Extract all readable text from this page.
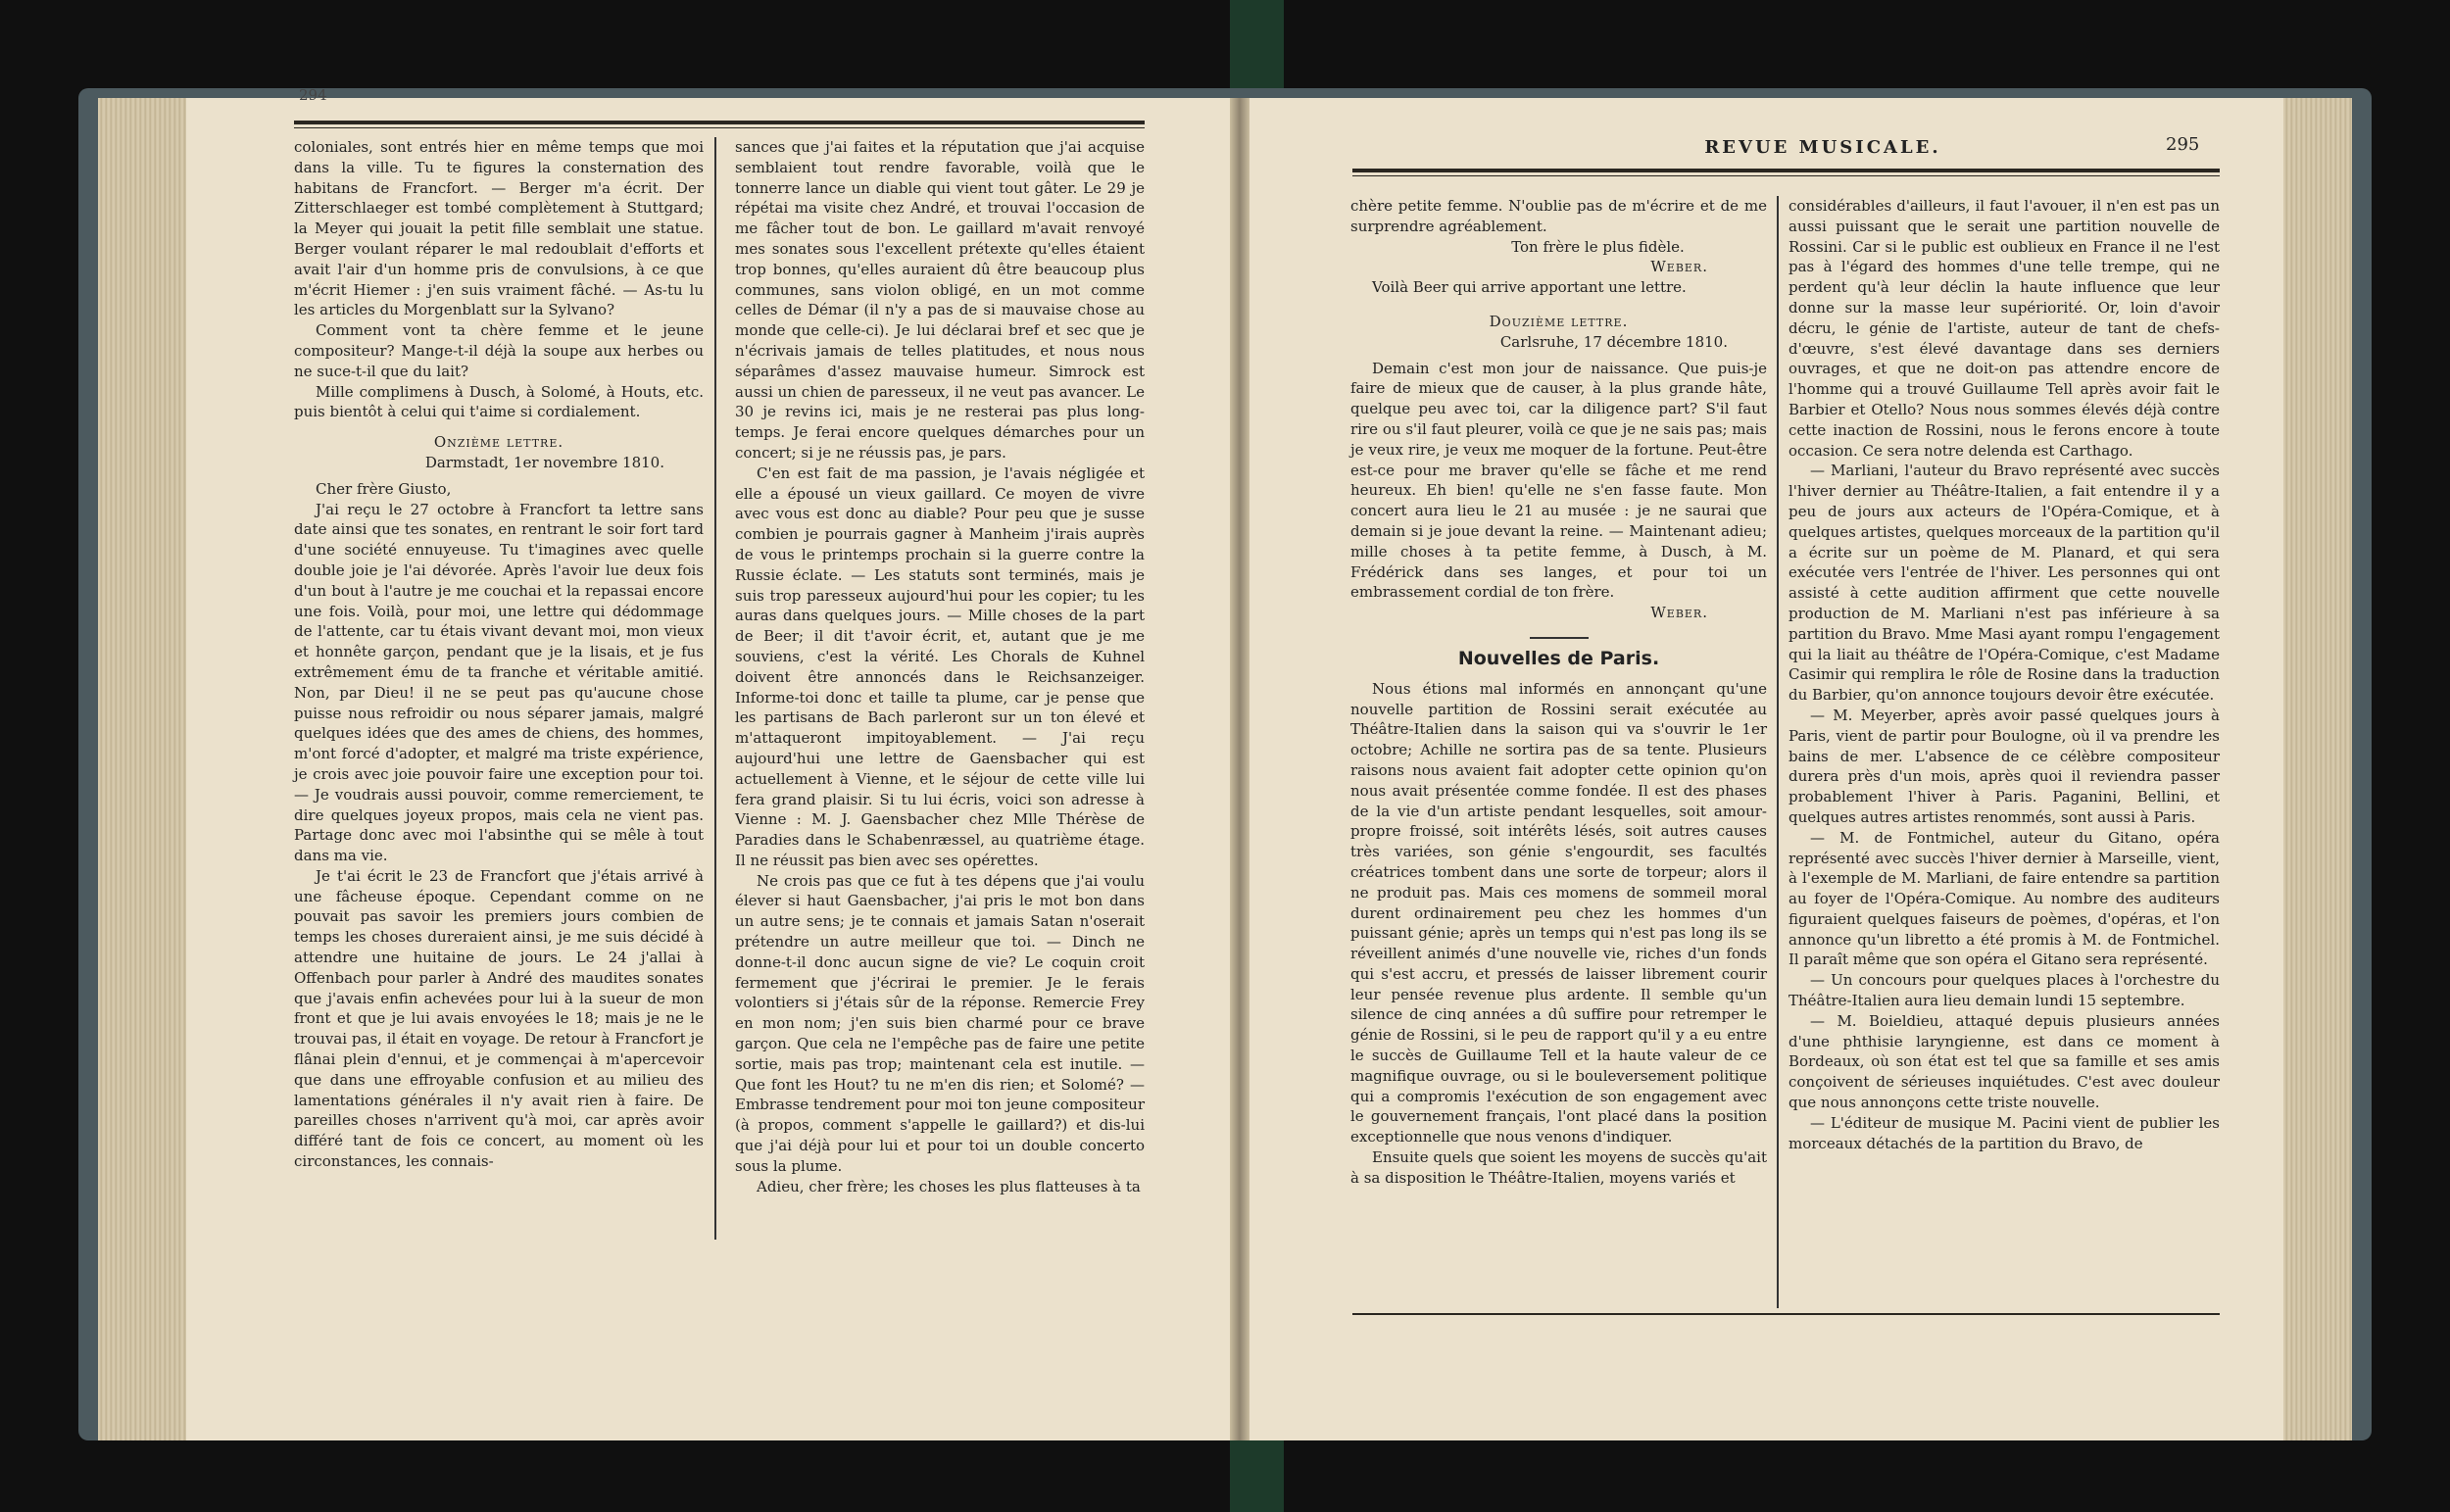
294

coloniales, sont entrés hier en même temps que moi dans la ville. Tu te figures la consternation des habitans de Francfort. — Berger m'a écrit. Der Zitterschlaeger est tombé complètement à Stuttgard; la Meyer qui jouait la petit fille semblait une statue. Berger voulant réparer le mal redoublait d'efforts et avait l'air d'un homme pris de convulsions, à ce que m'écrit Hiemer : j'en suis vraiment fâché. — As-tu lu les articles du Morgenblatt sur la Sylvano?

Comment vont ta chère femme et le jeune compositeur? Mange-t-il déjà la soupe aux herbes ou ne suce-t-il que du lait?

Mille complimens à Dusch, à Solomé, à Houts, etc. puis bientôt à celui qui t'aime si cordialement.

Onzième lettre.

Darmstadt, 1er novembre 1810.

Cher frère Giusto,

J'ai reçu le 27 octobre à Francfort ta lettre sans date ainsi que tes sonates, en rentrant le soir fort tard d'une société ennuyeuse. Tu t'imagines avec quelle double joie je l'ai dévorée. Après l'avoir lue deux fois d'un bout à l'autre je me couchai et la repassai encore une fois. Voilà, pour moi, une lettre qui dédommage de l'attente, car tu étais vivant devant moi, mon vieux et honnête garçon, pendant que je la lisais, et je fus extrêmement ému de ta franche et véritable amitié. Non, par Dieu! il ne se peut pas qu'aucune chose puisse nous refroidir ou nous séparer jamais, malgré quelques idées que des ames de chiens, des hommes, m'ont forcé d'adopter, et malgré ma triste expérience, je crois avec joie pouvoir faire une exception pour toi. — Je voudrais aussi pouvoir, comme remerciement, te dire quelques joyeux propos, mais cela ne vient pas. Partage donc avec moi l'absinthe qui se mêle à tout dans ma vie.

Je t'ai écrit le 23 de Francfort que j'étais arrivé à une fâcheuse époque. Cependant comme on ne pouvait pas savoir les premiers jours combien de temps les choses dureraient ainsi, je me suis décidé à attendre une huitaine de jours. Le 24 j'allai à Offenbach pour parler à André des maudites sonates que j'avais enfin achevées pour lui à la sueur de mon front et que je lui avais envoyées le 18; mais je ne le trouvai pas, il était en voyage. De retour à Francfort je flânai plein d'ennui, et je commençai à m'apercevoir que dans une effroyable confusion et au milieu des lamentations générales il n'y avait rien à faire. De pareilles choses n'arrivent qu'à moi, car après avoir différé tant de fois ce concert, au moment où les circonstances, les connais-

sances que j'ai faites et la réputation que j'ai acquise semblaient tout rendre favorable, voilà que le tonnerre lance un diable qui vient tout gâter. Le 29 je répétai ma visite chez André, et trouvai l'occasion de me fâcher tout de bon. Le gaillard m'avait renvoyé mes sonates sous l'excellent prétexte qu'elles étaient trop bonnes, qu'elles auraient dû être beaucoup plus communes, sans violon obligé, en un mot comme celles de Démar (il n'y a pas de si mauvaise chose au monde que celle-ci). Je lui déclarai bref et sec que je n'écrivais jamais de telles platitudes, et nous nous séparâmes d'assez mauvaise humeur. Simrock est aussi un chien de paresseux, il ne veut pas avancer. Le 30 je revins ici, mais je ne resterai pas plus long-temps. Je ferai encore quelques démarches pour un concert; si je ne réussis pas, je pars.

C'en est fait de ma passion, je l'avais négligée et elle a épousé un vieux gaillard. Ce moyen de vivre avec vous est donc au diable? Pour peu que je susse combien je pourrais gagner à Manheim j'irais auprès de vous le printemps prochain si la guerre contre la Russie éclate. — Les statuts sont terminés, mais je suis trop paresseux aujourd'hui pour les copier; tu les auras dans quelques jours. — Mille choses de la part de Beer; il dit t'avoir écrit, et, autant que je me souviens, c'est la vérité. Les Chorals de Kuhnel doivent être annoncés dans le Reichsanzeiger. Informe-toi donc et taille ta plume, car je pense que les partisans de Bach parleront sur un ton élevé et m'attaqueront impitoyablement. — J'ai reçu aujourd'hui une lettre de Gaensbacher qui est actuellement à Vienne, et le séjour de cette ville lui fera grand plaisir. Si tu lui écris, voici son adresse à Vienne : M. J. Gaensbacher chez Mlle Thérèse de Paradies dans le Schabenræssel, au quatrième étage. Il ne réussit pas bien avec ses opérettes.

Ne crois pas que ce fut à tes dépens que j'ai voulu élever si haut Gaensbacher, j'ai pris le mot bon dans un autre sens; je te connais et jamais Satan n'oserait prétendre un autre meilleur que toi. — Dinch ne donne-t-il donc aucun signe de vie? Le coquin croit fermement que j'écrirai le premier. Je le ferais volontiers si j'étais sûr de la réponse. Remercie Frey en mon nom; j'en suis bien charmé pour ce brave garçon. Que cela ne l'empêche pas de faire une petite sortie, mais pas trop; maintenant cela est inutile. — Que font les Hout? tu ne m'en dis rien; et Solomé? — Embrasse tendrement pour moi ton jeune compositeur (à propos, comment s'appelle le gaillard?) et dis-lui que j'ai déjà pour lui et pour toi un double concerto sous la plume.

Adieu, cher frère; les choses les plus flatteuses à ta

REVUE MUSICALE.	295

chère petite femme. N'oublie pas de m'écrire et de me surprendre agréablement.

Ton frère le plus fidèle.

Weber.

Voilà Beer qui arrive apportant une lettre.

Douzième lettre.

Carlsruhe, 17 décembre 1810.

Demain c'est mon jour de naissance. Que puis-je faire de mieux que de causer, à la plus grande hâte, quelque peu avec toi, car la diligence part? S'il faut rire ou s'il faut pleurer, voilà ce que je ne sais pas; mais je veux rire, je veux me moquer de la fortune. Peut-être est-ce pour me braver qu'elle se fâche et me rend heureux. Eh bien! qu'elle ne s'en fasse faute. Mon concert aura lieu le 21 au musée : je ne saurai que demain si je joue devant la reine. — Maintenant adieu; mille choses à ta petite femme, à Dusch, à M. Frédérick dans ses langes, et pour toi un embrassement cordial de ton frère.

Weber.

Nouvelles de Paris.

Nous étions mal informés en annonçant qu'une nouvelle partition de Rossini serait exécutée au Théâtre-Italien dans la saison qui va s'ouvrir le 1er octobre; Achille ne sortira pas de sa tente. Plusieurs raisons nous avaient fait adopter cette opinion qu'on nous avait présentée comme fondée. Il est des phases de la vie d'un artiste pendant lesquelles, soit amour-propre froissé, soit intérêts lésés, soit autres causes très variées, son génie s'engourdit, ses facultés créatrices tombent dans une sorte de torpeur; alors il ne produit pas. Mais ces momens de sommeil moral durent ordinairement peu chez les hommes d'un puissant génie; après un temps qui n'est pas long ils se réveillent animés d'une nouvelle vie, riches d'un fonds qui s'est accru, et pressés de laisser librement courir leur pensée revenue plus ardente. Il semble qu'un silence de cinq années a dû suffire pour retremper le génie de Rossini, si le peu de rapport qu'il y a eu entre le succès de Guillaume Tell et la haute valeur de ce magnifique ouvrage, ou si le bouleversement politique qui a compromis l'exécution de son engagement avec le gouvernement français, l'ont placé dans la position exceptionnelle que nous venons d'indiquer.

Ensuite quels que soient les moyens de succès qu'ait à sa disposition le Théâtre-Italien, moyens variés et

considérables d'ailleurs, il faut l'avouer, il n'en est pas un aussi puissant que le serait une partition nouvelle de Rossini. Car si le public est oublieux en France il ne l'est pas à l'égard des hommes d'une telle trempe, qui ne perdent qu'à leur déclin la haute influence que leur donne sur la masse leur supériorité. Or, loin d'avoir décru, le génie de l'artiste, auteur de tant de chefs-d'œuvre, s'est élevé davantage dans ses derniers ouvrages, et que ne doit-on pas attendre encore de l'homme qui a trouvé Guillaume Tell après avoir fait le Barbier et Otello? Nous nous sommes élevés déjà contre cette inaction de Rossini, nous le ferons encore à toute occasion. Ce sera notre delenda est Carthago.

— Marliani, l'auteur du Bravo représenté avec succès l'hiver dernier au Théâtre-Italien, a fait entendre il y a peu de jours aux acteurs de l'Opéra-Comique, et à quelques artistes, quelques morceaux de la partition qu'il a écrite sur un poème de M. Planard, et qui sera exécutée vers l'entrée de l'hiver. Les personnes qui ont assisté à cette audition affirment que cette nouvelle production de M. Marliani n'est pas inférieure à sa partition du Bravo. Mme Masi ayant rompu l'engagement qui la liait au théâtre de l'Opéra-Comique, c'est Madame Casimir qui remplira le rôle de Rosine dans la traduction du Barbier, qu'on annonce toujours devoir être exécutée.

— M. Meyerber, après avoir passé quelques jours à Paris, vient de partir pour Boulogne, où il va prendre les bains de mer. L'absence de ce célèbre compositeur durera près d'un mois, après quoi il reviendra passer probablement l'hiver à Paris. Paganini, Bellini, et quelques autres artistes renommés, sont aussi à Paris.

— M. de Fontmichel, auteur du Gitano, opéra représenté avec succès l'hiver dernier à Marseille, vient, à l'exemple de M. Marliani, de faire entendre sa partition au foyer de l'Opéra-Comique. Au nombre des auditeurs figuraient quelques faiseurs de poèmes, d'opéras, et l'on annonce qu'un libretto a été promis à M. de Fontmichel. Il paraît même que son opéra el Gitano sera représenté.

— Un concours pour quelques places à l'orchestre du Théâtre-Italien aura lieu demain lundi 15 septembre.

— M. Boieldieu, attaqué depuis plusieurs années d'une phthisie laryngienne, est dans ce moment à Bordeaux, où son état est tel que sa famille et ses amis conçoivent de sérieuses inquiétudes. C'est avec douleur que nous annonçons cette triste nouvelle.

— L'éditeur de musique M. Pacini vient de publier les morceaux détachés de la partition du Bravo, de
